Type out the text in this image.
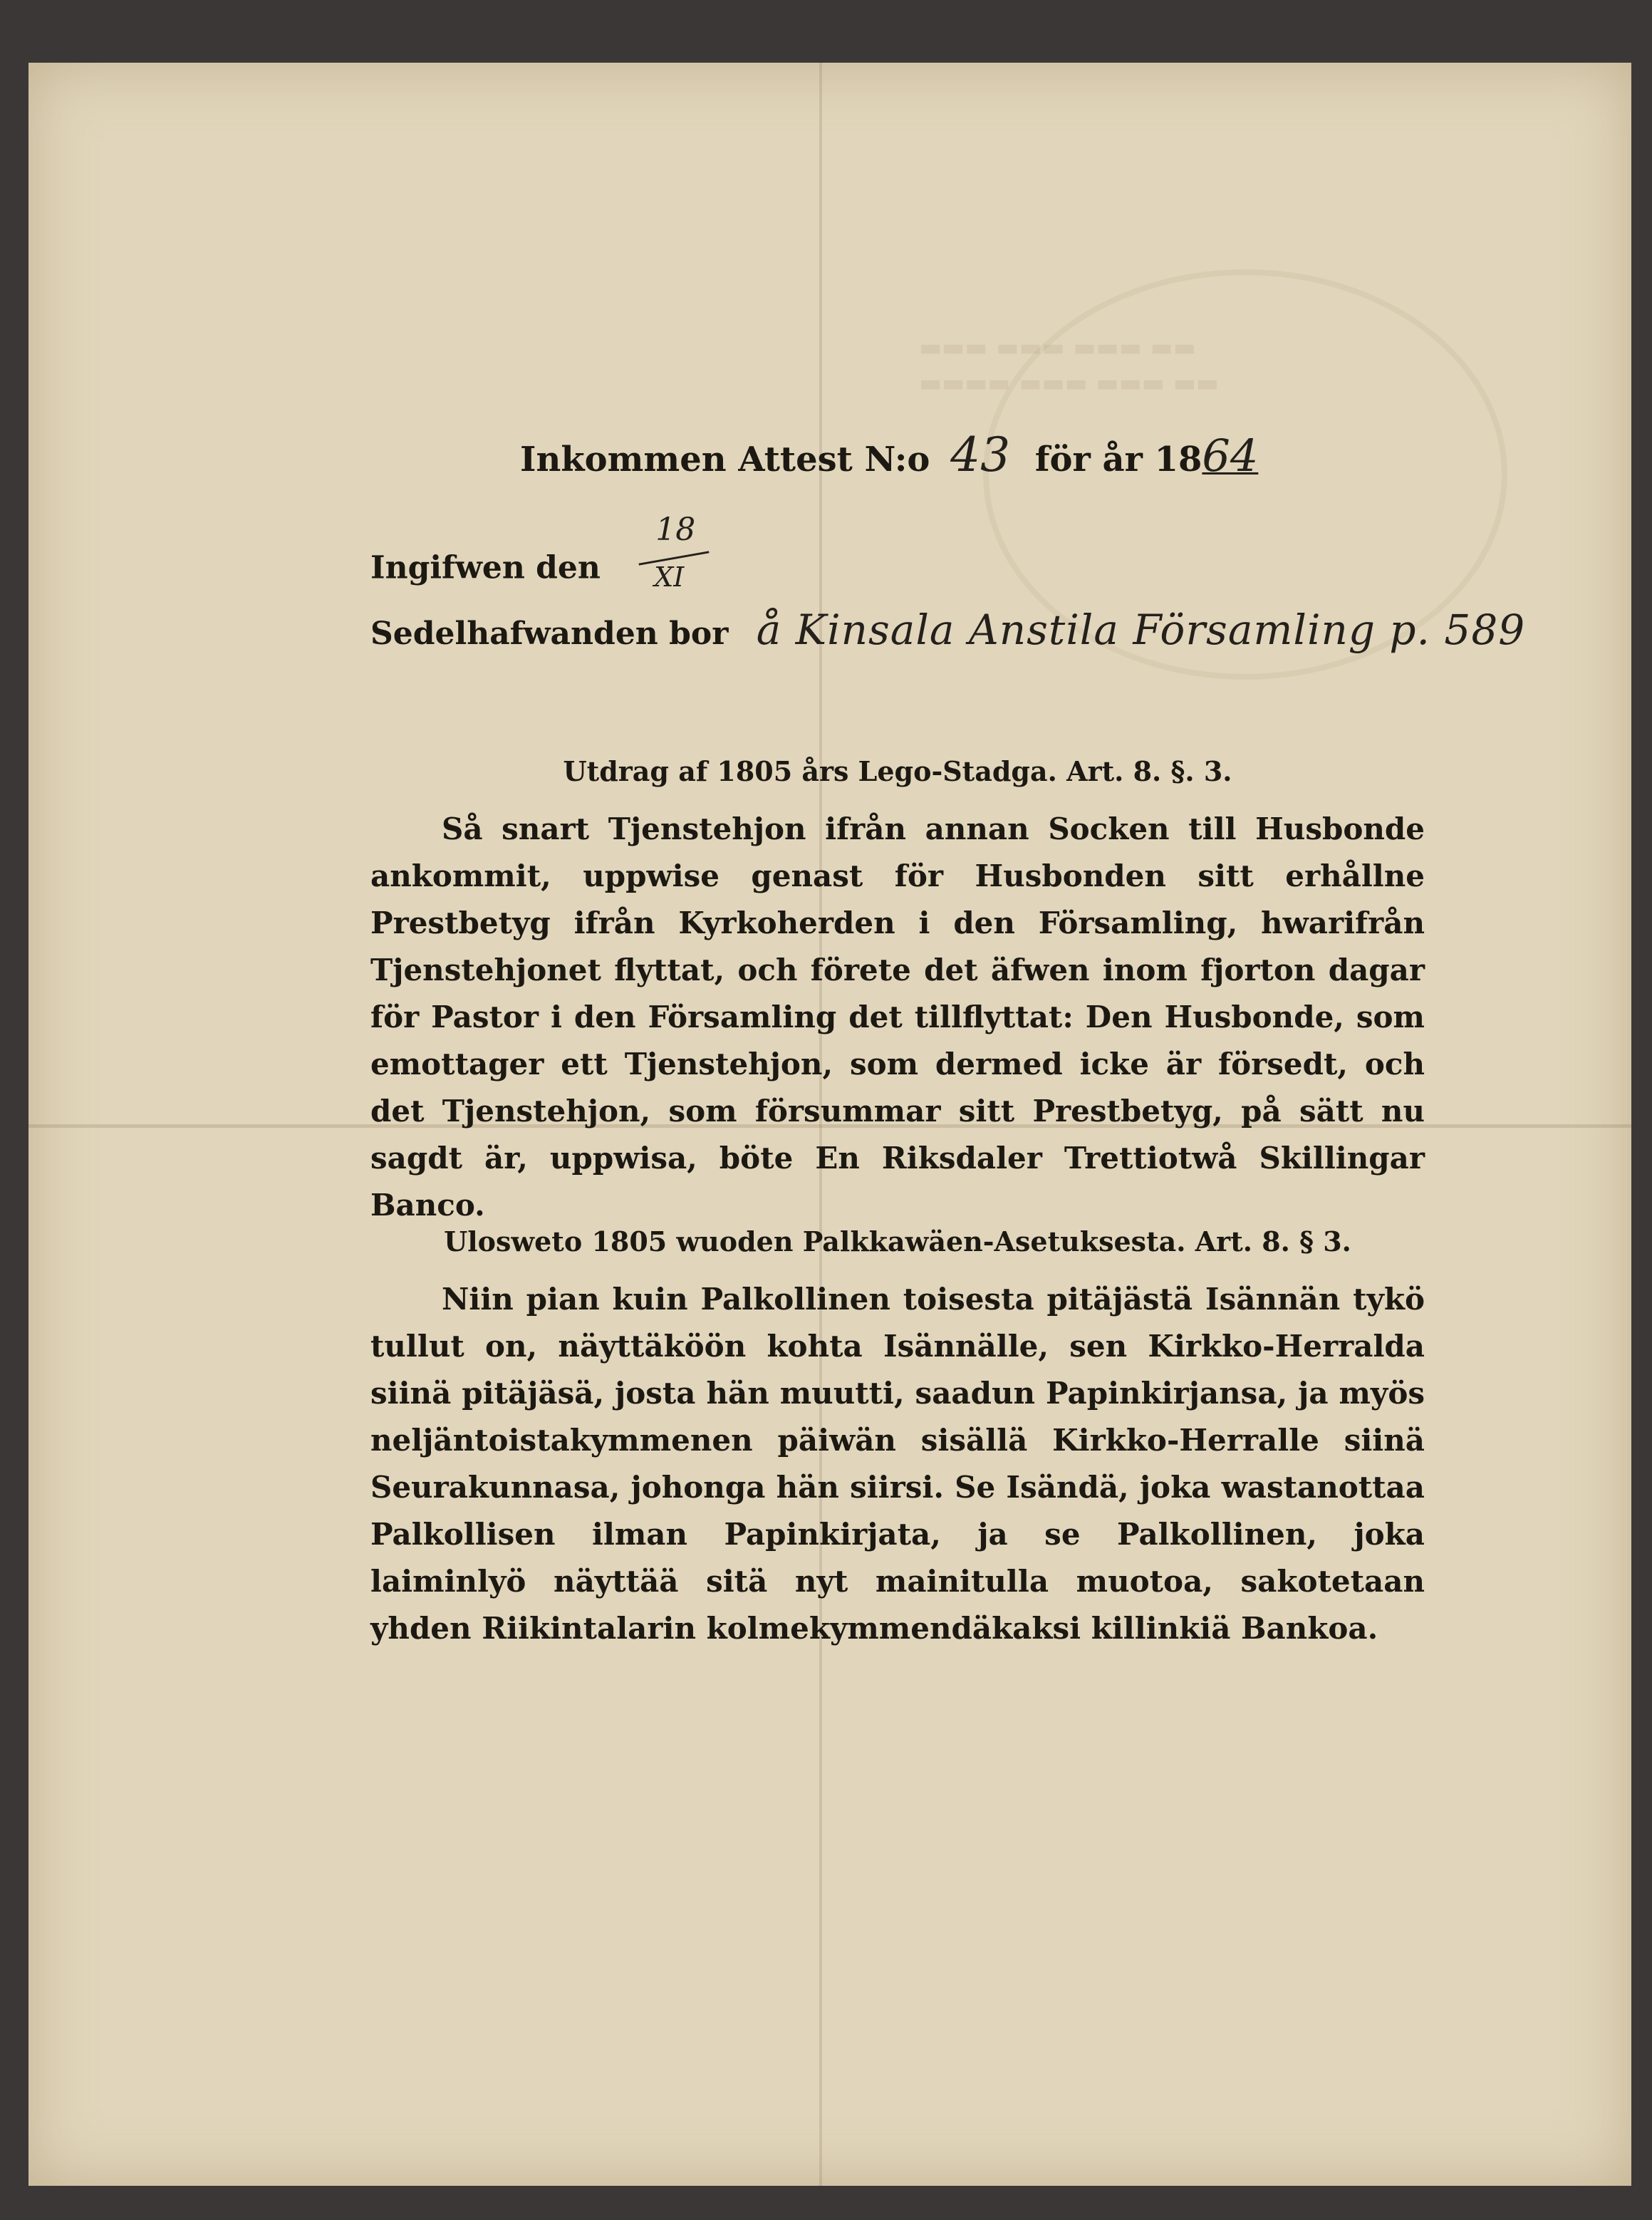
▬▬▬ ▬▬▬ ▬▬▬ ▬▬
▬▬▬▬ ▬▬▬ ▬▬▬ ▬▬
Inkommen Attest N:o 43 för år 1864
Ingifwen den
18
XI
Sedelhafwanden bor å Kinsala Anstila Församling p. 589
Utdrag af 1805 års Lego-Stadga. Art. 8. §. 3.

Så snart Tjenstehjon ifrån annan Socken till Husbonde ankommit, uppwise genast för Husbonden sitt erhållne Prestbetyg ifrån Kyrkoherden i den Församling, hwarifrån Tjenstehjonet flyttat, och förete det äfwen inom fjorton dagar för Pastor i den Församling det tillflyttat: Den Husbonde, som emottager ett Tjenstehjon, som dermed icke är försedt, och det Tjenstehjon, som försummar sitt Prestbetyg, på sätt nu sagdt är, uppwisa, böte En Riksdaler Trettiotwå Skillingar Banco.

Ulosweto 1805 wuoden Palkkawäen-Asetuksesta. Art. 8. § 3.

Niin pian kuin Palkollinen toisesta pitäjästä Isännän tykö tullut on, näyttäköön kohta Isännälle, sen Kirkko-Herralda siinä pitäjäsä, josta hän muutti, saadun Papinkirjansa, ja myös neljäntoistakymmenen päiwän sisällä Kirkko-Herralle siinä Seurakunnasa, johonga hän siirsi. Se Isändä, joka wastanottaa Palkollisen ilman Papinkirjata, ja se Palkollinen, joka laiminlyö näyttää sitä nyt mainitulla muotoa, sakotetaan yhden Riikintalarin kolmekymmendäkaksi killinkiä Bankoa.
